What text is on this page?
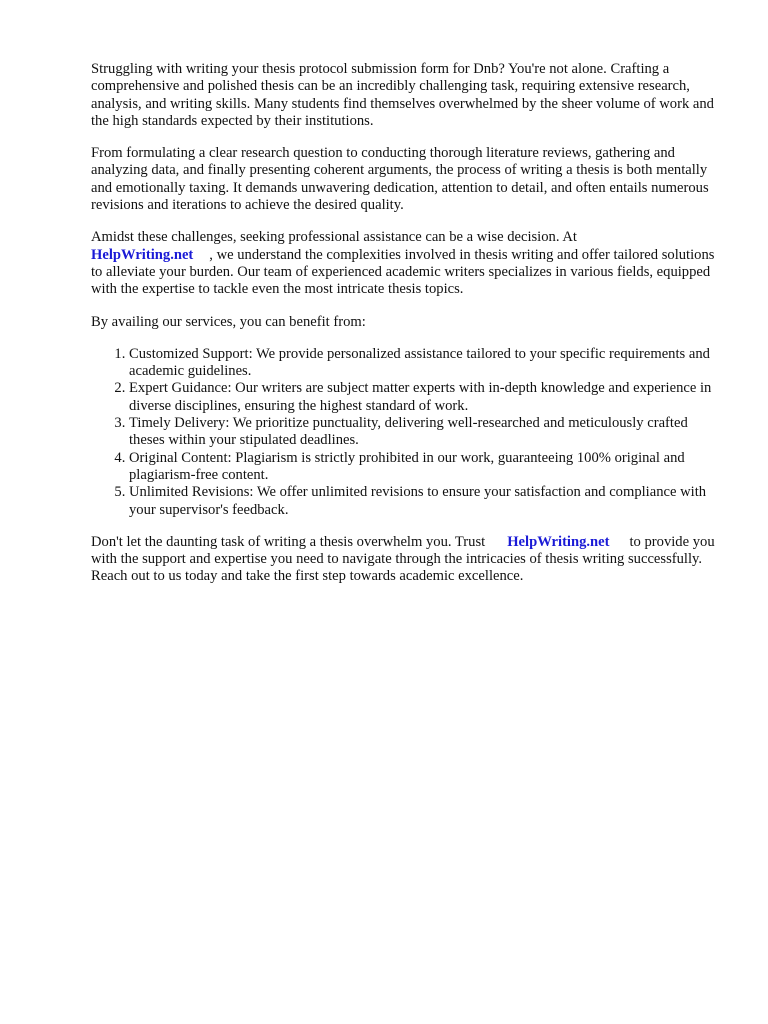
Struggling with writing your thesis protocol submission form for Dnb? You're not alone. Crafting a comprehensive and polished thesis can be an incredibly challenging task, requiring extensive research, analysis, and writing skills. Many students find themselves overwhelmed by the sheer volume of work and the high standards expected by their institutions.

From formulating a clear research question to conducting thorough literature reviews, gathering and analyzing data, and finally presenting coherent arguments, the process of writing a thesis is both mentally and emotionally taxing. It demands unwavering dedication, attention to detail, and often entails numerous revisions and iterations to achieve the desired quality.

Amidst these challenges, seeking professional assistance can be a wise decision. At
HelpWriting.net , we understand the complexities involved in thesis writing and offer tailored solutions to alleviate your burden. Our team of experienced academic writers specializes in various fields, equipped with the expertise to tackle even the most intricate thesis topics.

By availing our services, you can benefit from:

1. Customized Support: We provide personalized assistance tailored to your specific requirements and academic guidelines.
2. Expert Guidance: Our writers are subject matter experts with in-depth knowledge and experience in diverse disciplines, ensuring the highest standard of work.
3. Timely Delivery: We prioritize punctuality, delivering well-researched and meticulously crafted theses within your stipulated deadlines.
4. Original Content: Plagiarism is strictly prohibited in our work, guaranteeing 100% original and plagiarism-free content.
5. Unlimited Revisions: We offer unlimited revisions to ensure your satisfaction and compliance with your supervisor's feedback.

Don't let the daunting task of writing a thesis overwhelm you. Trust HelpWriting.net to provide you with the support and expertise you need to navigate through the intricacies of thesis writing successfully. Reach out to us today and take the first step towards academic excellence.
